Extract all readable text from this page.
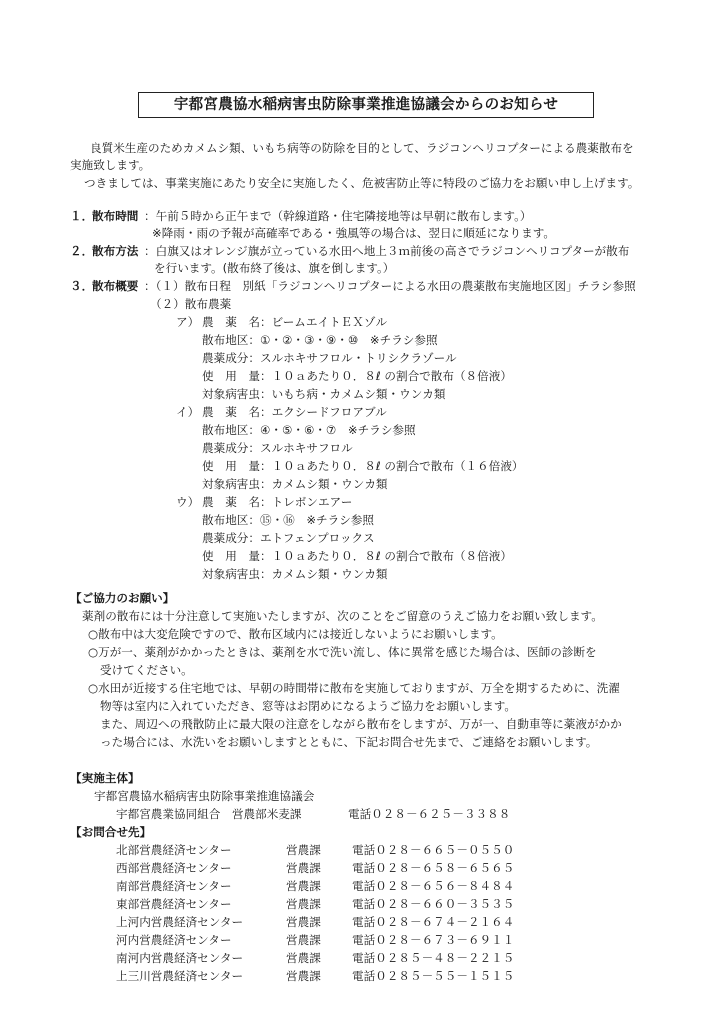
宇都宮農協水稲病害虫防除事業推進協議会からのお知らせ
良質米生産のためカメムシ類、いもち病等の防除を目的として、ラジコンヘリコプターによる農薬散布を
実施致します。
つきましては、事業実施にあたり安全に実施したく、危被害防止等に特段のご協力をお願い申し上げます。
１．
散布時間 ：午前５時から正午まで（幹線道路・住宅隣接地等は早朝に散布します。）
※降雨・雨の予報が高確率である・強風等の場合は、翌日に順延になります。
２．
散布方法 ：白旗又はオレンジ旗が立っている水田へ地上３ｍ前後の高さでラジコンヘリコプターが散布
を行います。(散布終了後は、旗を倒します。）
３．
散布概要 ：（１）散布日程　別紙「ラジコンヘリコプターによる水田の農薬散布実施地区図」チラシ参照
（２）散布農薬
ア） 農　薬　名：ビームエイトＥＸゾル
散布地区：①・②・③・⑨・⑩　※チラシ参照
農薬成分：スルホキサフロル・トリシクラゾール
使　用　量：１０ａあたり０．８ℓ の割合で散布（８倍液）
対象病害虫：いもち病・カメムシ類・ウンカ類
イ） 農　薬　名：エクシードフロアブル
散布地区：④・⑤・⑥・⑦　※チラシ参照
農薬成分：スルホキサフロル
使　用　量：１０ａあたり０．８ℓ の割合で散布（１６倍液）
対象病害虫：カメムシ類・ウンカ類
ウ） 農　薬　名：トレボンエアー
散布地区：⑮・⑯　※チラシ参照
農薬成分：エトフェンプロックス
使　用　量：１０ａあたり０．８ℓ の割合で散布（８倍液）
対象病害虫：カメムシ類・ウンカ類
【ご協力のお願い】
薬剤の散布には十分注意して実施いたしますが、次のことをご留意のうえご協力をお願い致します。
○散布中は大変危険ですので、散布区域内には接近しないようにお願いします。
○万が一、薬剤がかかったときは、薬剤を水で洗い流し、体に異常を感じた場合は、医師の診断を
受けてください。
○水田が近接する住宅地では、早朝の時間帯に散布を実施しておりますが、万全を期するために、洗濯
物等は室内に入れていただき、窓等はお閉めになるようご協力をお願いします。
また、周辺への飛散防止に最大限の注意をしながら散布をしますが、万が一、自動車等に薬液がかか
った場合には、水洗いをお願いしますとともに、下記お問合せ先まで、ご連絡をお願いします。
【実施主体】
宇都宮農協水稲病害虫防除事業推進協議会
宇都宮農業協同組合　営農部米麦課	電話０２８－６２５－３３８８
【お問合せ先】
北部営農経済センター	営農課	電話０２８－６６５－０５５０
西部営農経済センター	営農課	電話０２８－６５８－６５６５
南部営農経済センター	営農課	電話０２８－６５６－８４８４
東部営農経済センター	営農課	電話０２８－６６０－３５３５
上河内営農経済センター	営農課	電話０２８－６７４－２１６４
河内営農経済センター	営農課	電話０２８－６７３－６９１１
南河内営農経済センター	営農課	電話０２８５－４８－２２１５
上三川営農経済センター	営農課	電話０２８５－５５－１５１５
